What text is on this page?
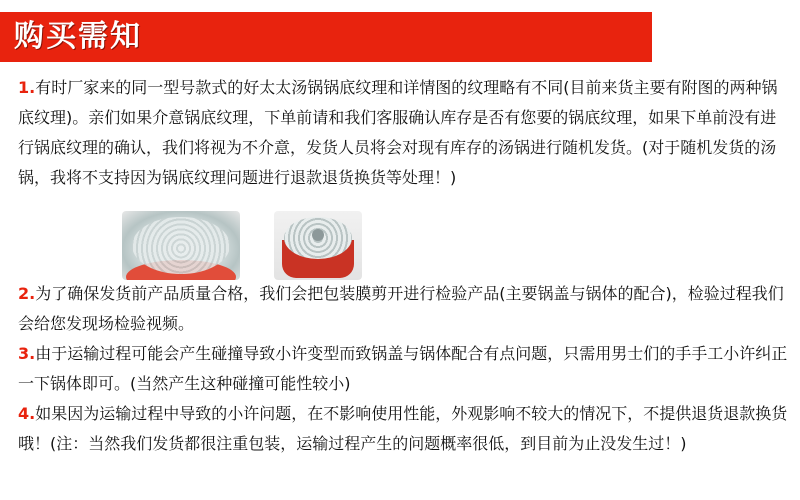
购买需知

1.有时厂家来的同一型号款式的好太太汤锅锅底纹理和详情图的纹理略有不同(目前来货主要有附图的两种锅底纹理)。亲们如果介意锅底纹理，下单前请和我们客服确认库存是否有您要的锅底纹理，如果下单前没有进行锅底纹理的确认，我们将视为不介意，发货人员将会对现有库存的汤锅进行随机发货。(对于随机发货的汤锅，我将不支持因为锅底纹理问题进行退款退货换货等处理！)

2.为了确保发货前产品质量合格，我们会把包装膜剪开进行检验产品(主要锅盖与锅体的配合)，检验过程我们会给您发现场检验视频。

3.由于运输过程可能会产生碰撞导致小许变型而致锅盖与锅体配合有点问题，只需用男士们的手手工小许纠正一下锅体即可。(当然产生这种碰撞可能性较小)

4.如果因为运输过程中导致的小许问题，在不影响使用性能，外观影响不较大的情况下，不提供退货退款换货哦！(注：当然我们发货都很注重包装，运输过程产生的问题概率很低，到目前为止没发生过！)
